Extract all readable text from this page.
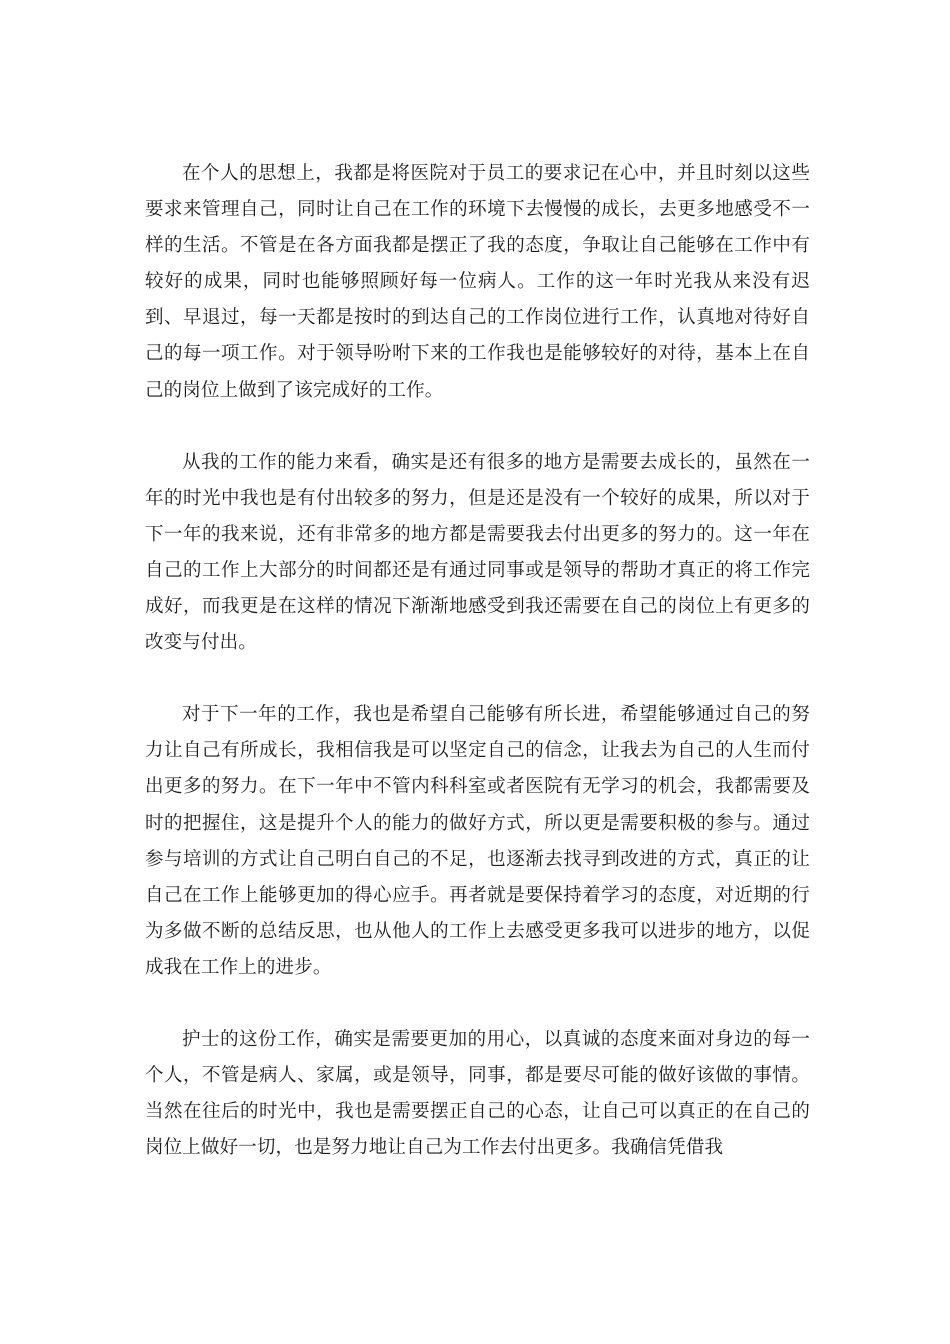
在个人的思想上，我都是将医院对于员工的要求记在心中，并且时刻以这些要求来管理自己，同时让自己在工作的环境下去慢慢的成长，去更多地感受不一样的生活。不管是在各方面我都是摆正了我的态度，争取让自己能够在工作中有较好的成果，同时也能够照顾好每一位病人。工作的这一年时光我从来没有迟到、早退过，每一天都是按时的到达自己的工作岗位进行工作，认真地对待好自己的每一项工作。对于领导吩咐下来的工作我也是能够较好的对待，基本上在自己的岗位上做到了该完成好的工作。

从我的工作的能力来看，确实是还有很多的地方是需要去成长的，虽然在一年的时光中我也是有付出较多的努力，但是还是没有一个较好的成果，所以对于下一年的我来说，还有非常多的地方都是需要我去付出更多的努力的。这一年在自己的工作上大部分的时间都还是有通过同事或是领导的帮助才真正的将工作完成好，而我更是在这样的情况下渐渐地感受到我还需要在自己的岗位上有更多的改变与付出。

对于下一年的工作，我也是希望自己能够有所长进，希望能够通过自己的努力让自己有所成长，我相信我是可以坚定自己的信念，让我去为自己的人生而付出更多的努力。在下一年中不管内科科室或者医院有无学习的机会，我都需要及时的把握住，这是提升个人的能力的做好方式，所以更是需要积极的参与。通过参与培训的方式让自己明白自己的不足，也逐渐去找寻到改进的方式，真正的让自己在工作上能够更加的得心应手。再者就是要保持着学习的态度，对近期的行为多做不断的总结反思，也从他人的工作上去感受更多我可以进步的地方，以促成我在工作上的进步。

护士的这份工作，确实是需要更加的用心，以真诚的态度来面对身边的每一个人，不管是病人、家属，或是领导，同事，都是要尽可能的做好该做的事情。当然在往后的时光中，我也是需要摆正自己的心态，让自己可以真正的在自己的岗位上做好一切，也是努力地让自己为工作去付出更多。我确信凭借我
